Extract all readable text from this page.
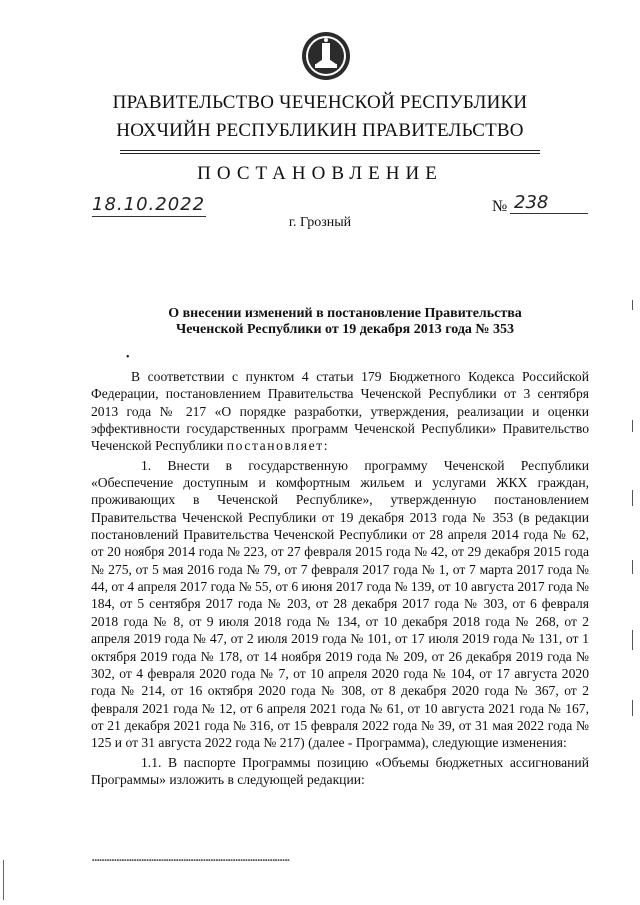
ПРАВИТЕЛЬСТВО ЧЕЧЕНСКОЙ РЕСПУБЛИКИ
НОХЧИЙН РЕСПУБЛИКИН ПРАВИТЕЛЬСТВО
ПОСТАНОВЛЕНИЕ
18.10.2022	№ 238
г. Грозный
О внесении изменений в постановление Правительства Чеченской Республики от 19 декабря 2013 года № 353
•

В соответствии с пунктом 4 статьи 179 Бюджетного Кодекса Российской Федерации, постановлением Правительства Чеченской Республики от 3 сентября 2013 года № 217 «О порядке разработки, утверждения, реализации и оценки эффективности государственных программ Чеченской Республики» Правительство Чеченской Республики постановляет:

1. Внести в государственную программу Чеченской Республики «Обеспечение доступным и комфортным жильем и услугами ЖКХ граждан, проживающих в Чеченской Республике», утвержденную постановлением Правительства Чеченской Республики от 19 декабря 2013 года № 353 (в редакции постановлений Правительства Чеченской Республики от 28 апреля 2014 года № 62, от 20 ноября 2014 года № 223, от 27 февраля 2015 года № 42, от 29 декабря 2015 года № 275, от 5 мая 2016 года № 79, от 7 февраля 2017 года № 1, от 7 марта 2017 года № 44, от 4 апреля 2017 года № 55, от 6 июня 2017 года № 139, от 10 августа 2017 года № 184, от 5 сентября 2017 года № 203, от 28 декабря 2017 года № 303, от 6 февраля 2018 года № 8, от 9 июля 2018 года № 134, от 10 декабря 2018 года № 268, от 2 апреля 2019 года № 47, от 2 июля 2019 года № 101, от 17 июля 2019 года № 131, от 1 октября 2019 года № 178, от 14 ноября 2019 года № 209, от 26 декабря 2019 года № 302, от 4 февраля 2020 года № 7, от 10 апреля 2020 года № 104, от 17 августа 2020 года № 214, от 16 октября 2020 года № 308, от 8 декабря 2020 года № 367, от 2 февраля 2021 года № 12, от 6 апреля 2021 года № 61, от 10 августа 2021 года № 167, от 21 декабря 2021 года № 316, от 15 февраля 2022 года № 39, от 31 мая 2022 года № 125 и от 31 августа 2022 года № 217) (далее - Программа), следующие изменения:

1.1. В паспорте Программы позицию «Объемы бюджетных ассигнований Программы» изложить в следующей редакции:

▪▪▪▪▪▪▪▪▪▪▪▪▪▪▪▪▪▪▪▪▪▪▪▪▪▪▪▪▪▪▪▪▪▪▪▪▪▪▪▪▪▪▪▪▪▪▪▪▪▪▪▪▪▪▪▪▪▪▪▪▪▪▪▪▪▪▪▪▪▪▪▪▪▪▪▪▪▪▪▪
